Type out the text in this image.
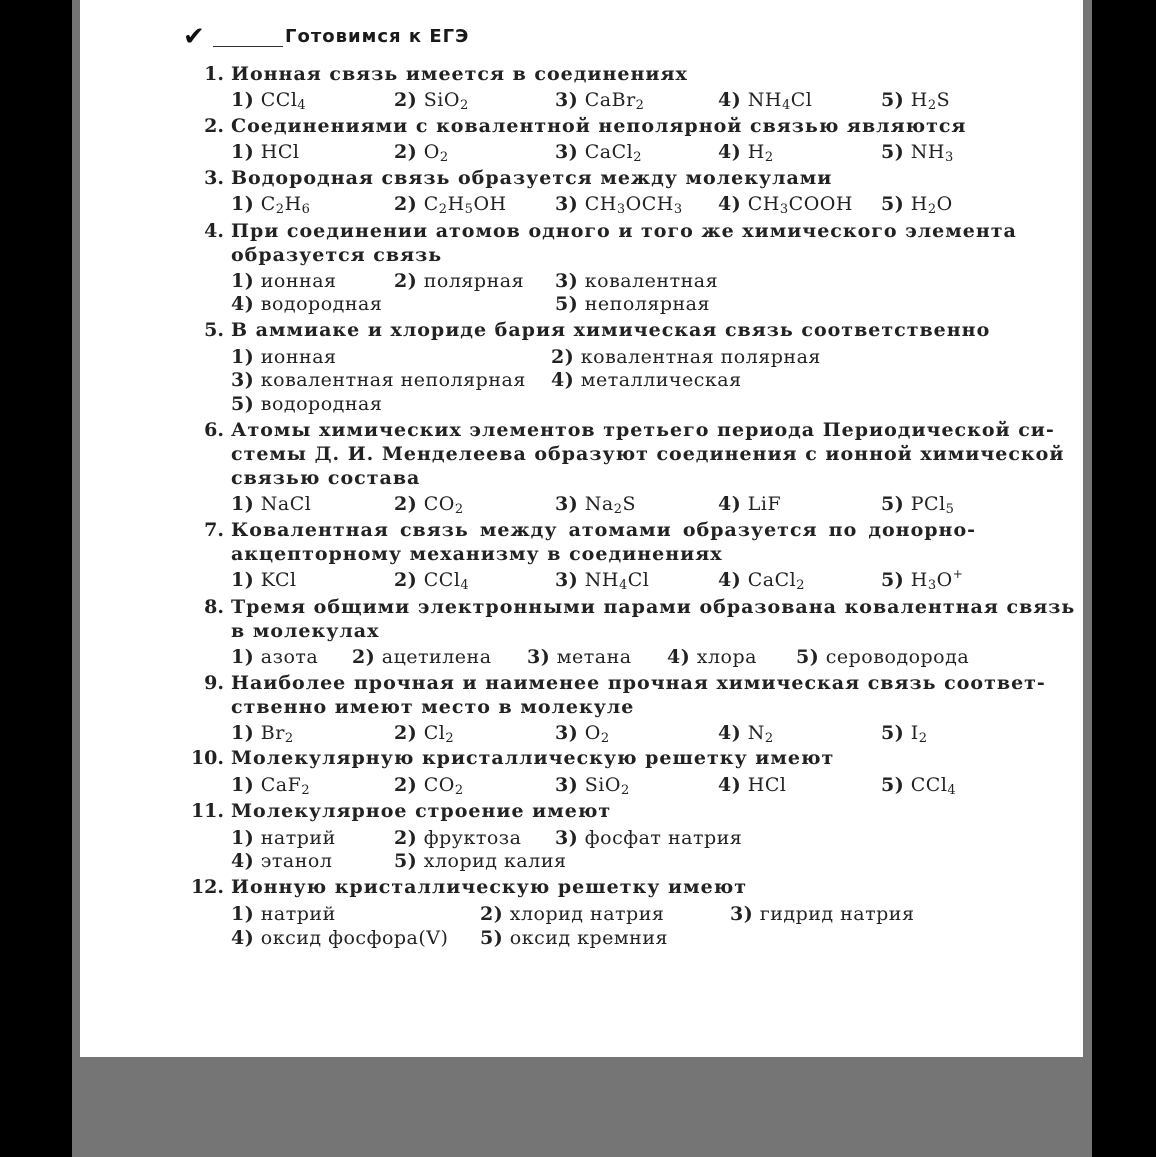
✔	Готовимся к ЕГЭ
1. Ионная связь имеется в соединениях
1) CCl$_4$	2) SiO$_2$	3) CaBr$_2$	4) $NH_4Cl$	5) $H_2S$
2. Соединениями с ковалентной неполярной связью являются
1) HCl	2) $O_2$	3) CaCl$_2$	4) $H_2$	5) $NH_3$
3. Водородная связь образуется между молекулами
1) $C_2H_6$	2) $C_2H_5OH$	3) $CH_3OCH_3$ 4) $CH_3COOH$ 5) $H_2O$
4. При соединении атомов одного и того же химического элемента
образуется связь
1) ионная	2) полярная 3) ковалентная
4) водородная	5) неполярная
5. В аммиаке и хлориде бария химическая связь соответственно
1) ионная	2) ковалентная полярная
3) ковалентная неполярная 4) металлическая
5) водородная
6. Атомы химических элементов третьего периода Периодической си-
стемы Д. И. Менделеева образуют соединения с ионной химической
связью состава
1) NaCl	2) $CO_2$	3) $Na_2S$	4) LiF	5) PCl$_5$
7. Ковалентная связь между атомами образуется по донорно-
акцепторному механизму в соединениях
1) KCl	2) CCl$_4$	3) $NH_4Cl$	4) CaCl$_2$	5) $H_3O^+$
8. Тремя общими электронными парами образована ковалентная связь
в молекулах
1) азота 2) ацетилена 3) метана 4) хлора 5) сероводорода
9. Наиболее прочная и наименее прочная химическая связь соответ-
ственно имеют место в молекуле
1) $Br_2$	2) $Cl_2$	3) $O_2$	4) $N_2$	5) $I_2$
10. Молекулярную кристаллическую решетку имеют
1) CaF$_2$	2) $CO_2$	3) SiO$_2$	4) HCl	5) CCl$_4$
11. Молекулярное строение имеют
1) натрий	2) фруктоза 3) фосфат натрия
4) этанол	5) хлорид калия
12. Ионную кристаллическую решетку имеют
1) натрий	2) хлорид натрия	3) гидрид натрия
4) оксид фосфора(V) 5) оксид кремния
